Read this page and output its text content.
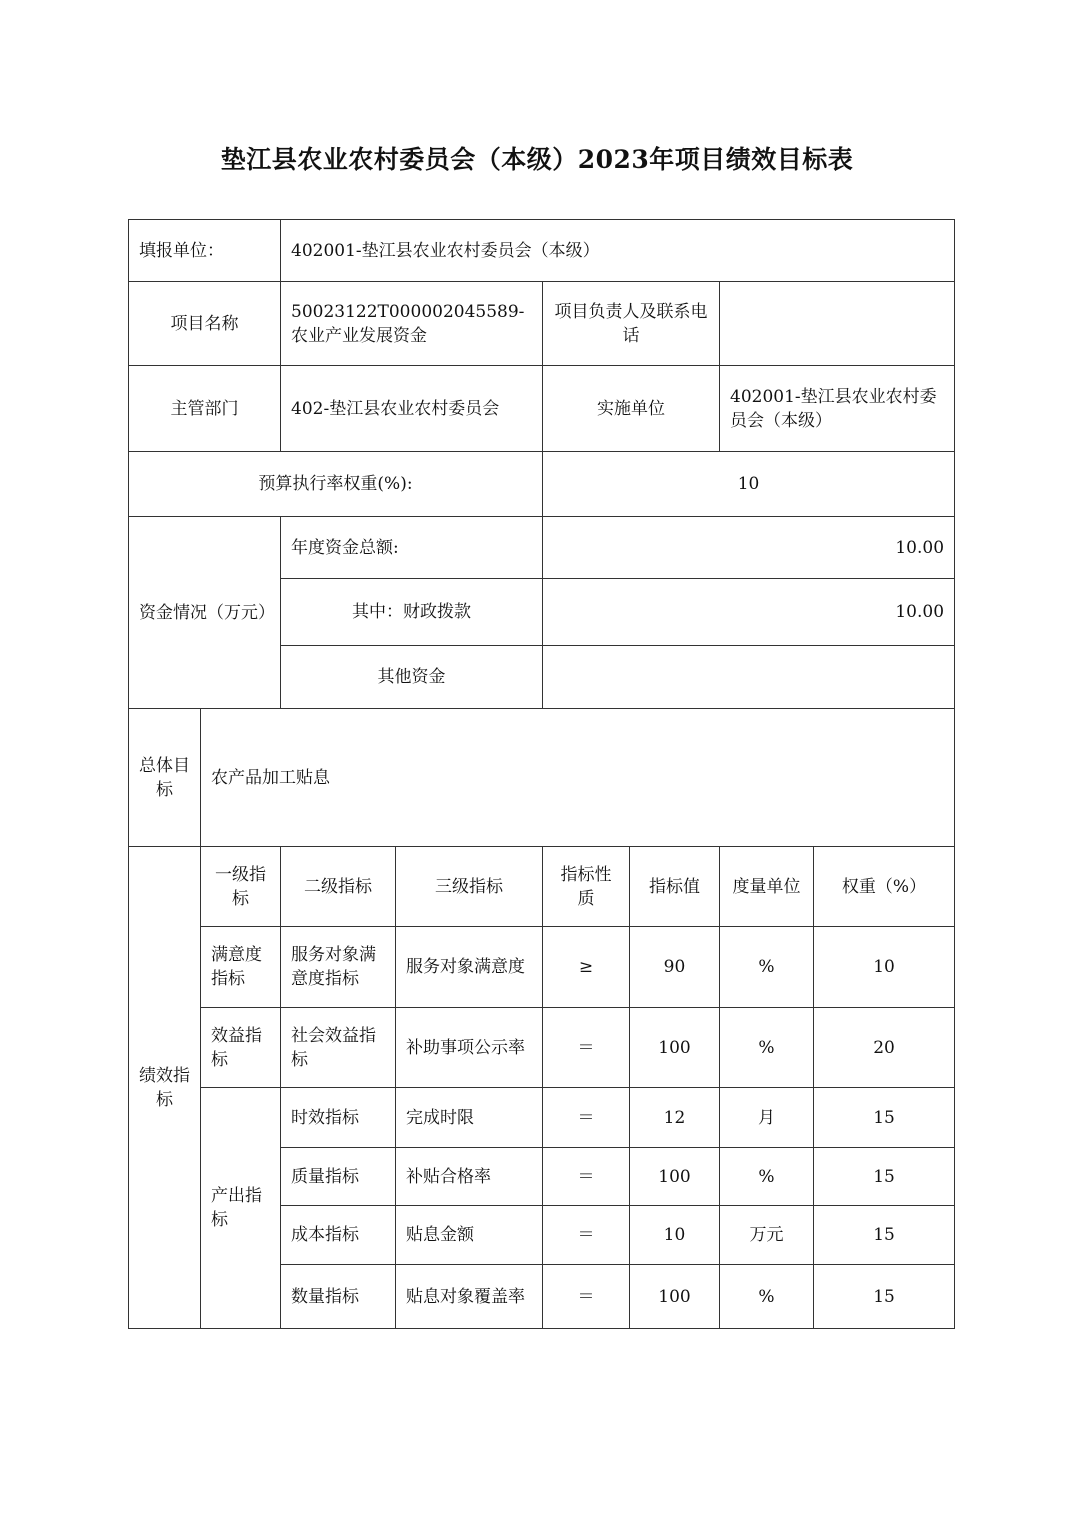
垫江县农业农村委员会（本级）2023年项目绩效目标表
填报单位：		402001-垫江县农业农村委员会（本级）					
项目名称		50023122T000002045589-农业产业发展资金		项目负责人及联系电话			
主管部门		402-垫江县农业农村委员会		实施单位		402001-垫江县农业农村委员会（本级）	
预算执行率权重(%):				10			
资金情况（万元）		年度资金总额:		10.00			
		其中：财政拨款		10.00			
		其他资金					
总体目标	农产品加工贴息						
绩效指标	一级指标	二级指标	三级指标	指标性质	指标值	度量单位	权重（%）
	满意度指标	服务对象满意度指标	服务对象满意度	≥	90	%	10
	效益指标	社会效益指标	补助事项公示率	＝	100	%	20
	产出指标	时效指标	完成时限	＝	12	月	15
		质量指标	补贴合格率	＝	100	%	15
		成本指标	贴息金额	＝	10	万元	15
		数量指标	贴息对象覆盖率	＝	100	%	15
